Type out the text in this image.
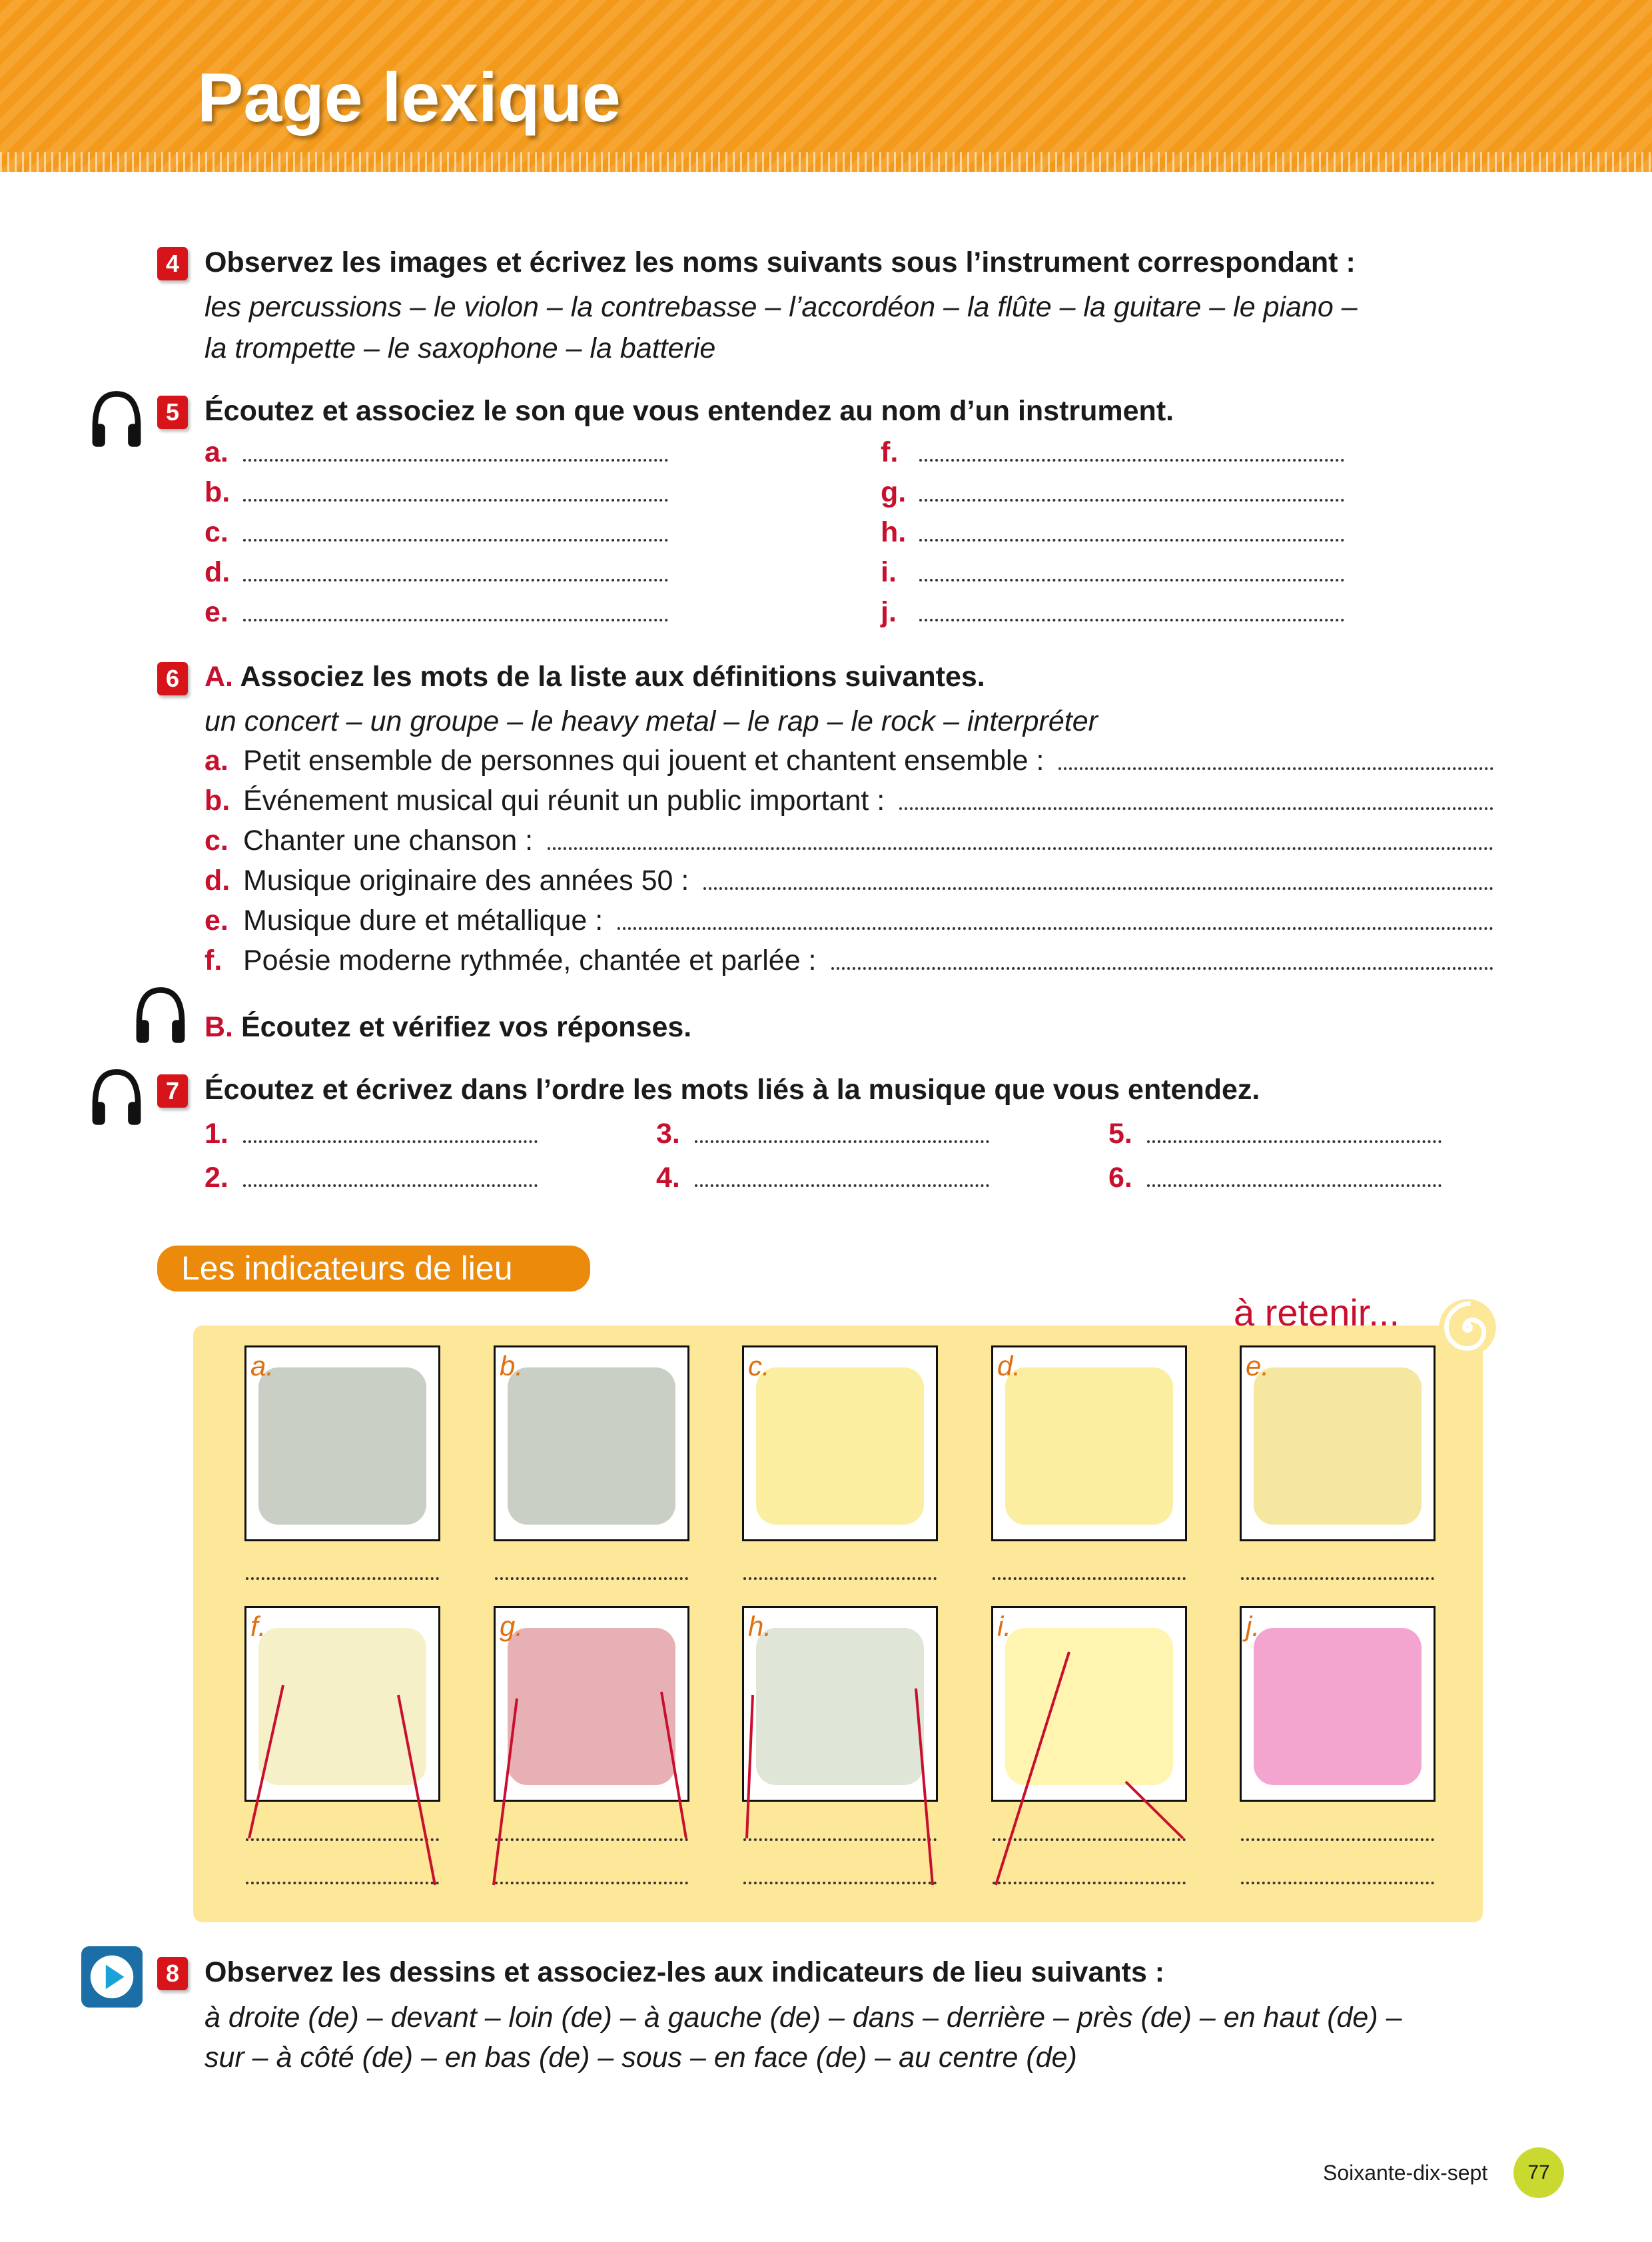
Page lexique
4 Observez les images et écrivez les noms suivants sous l’instrument correspondant :
les percussions – le violon – la contrebasse – l’accordéon – la flûte – la guitare – le piano –
la trompette – le saxophone – la batterie
5 Écoutez et associez le son que vous entendez au nom d’un instrument.
a.
b.
c.
d.
e.
f.
g.
h.
i.
j.
6 A. Associez les mots de la liste aux définitions suivantes.
un concert – un groupe – le heavy metal – le rap – le rock – interpréter
a. Petit ensemble de personnes qui jouent et chantent ensemble :
b. Événement musical qui réunit un public important :
c. Chanter une chanson :
d. Musique originaire des années 50 :
e. Musique dure et métallique :
f. Poésie moderne rythmée, chantée et parlée :
B. Écoutez et vérifiez vos réponses.
7 Écoutez et écrivez dans l’ordre les mots liés à la musique que vous entendez.
1.
2.
3.
4.
5.
6.
Les indicateurs de lieu
à retenir...
a.	b.	c.	d.	e.
f.	g.	h.	i.	j.
8 Observez les dessins et associez-les aux indicateurs de lieu suivants :
à droite (de) – devant – loin (de) – à gauche (de) – dans – derrière – près (de) – en haut (de) –
sur – à côté (de) – en bas (de) – sous – en face (de) – au centre (de)
Soixante-dix-sept	77
